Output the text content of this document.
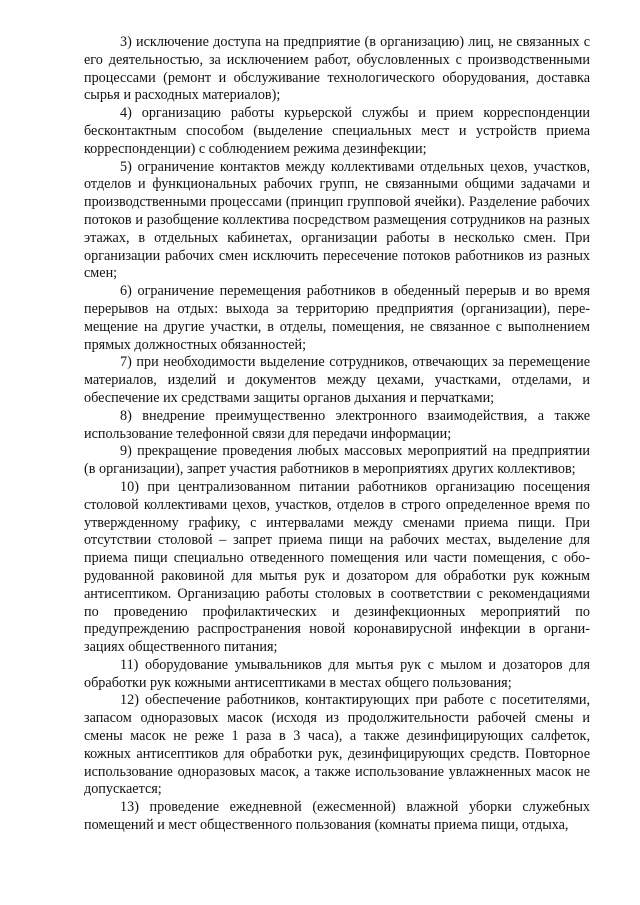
3) исключение доступа на предприятие (в организацию) лиц, не связанных с его деятельностью, за исключением работ, обусловленных с производственными процессами (ремонт и обслуживание технологического оборудования, доставка сырья и расходных материалов);

4) организацию работы курьерской службы и прием корреспонденции бесконтактным способом (выделение специальных мест и устройств приема корреспонденции) с соблюдением режима дезинфекции;

5) ограничение контактов между коллективами отдельных цехов, участков, отделов и функциональных рабочих групп, не связанными общими задачами и производственными процессами (принцип групповой ячейки). Разделение рабочих потоков и разобщение коллектива посредством размещения сотрудников на разных этажах, в отдельных кабинетах, организации работы в несколько смен. При организации рабочих смен исключить пересечение потоков работников из разных смен;

6) ограничение перемещения работников в обеденный перерыв и во время перерывов на отдых: выхода за территорию предприятия (организации), перемещение на другие участки, в отделы, помещения, не связанное с выполнением прямых должностных обязанностей;

7) при необходимости выделение сотрудников, отвечающих за перемещение материалов, изделий и документов между цехами, участками, отделами, и обеспечение их средствами защиты органов дыхания и перчатками;

8) внедрение преимущественно электронного взаимодействия, а также использование телефонной связи для передачи информации;

9) прекращение проведения любых массовых мероприятий на предприятии (в организации), запрет участия работников в мероприятиях других коллективов;

10) при централизованном питании работников организацию посещения столовой коллективами цехов, участков, отделов в строго определенное время по утвержденному графику, с интервалами между сменами приема пищи. При отсутствии столовой – запрет приема пищи на рабочих местах, выделение для приема пищи специально отведенного помещения или части помещения, с оборудованной раковиной для мытья рук и дозатором для обработки рук кожным антисептиком. Организацию работы столовых в соответствии с рекомендациями по проведению профилактических и дезинфекционных мероприятий по предупреждению распространения новой коронавирусной инфекции в организациях общественного питания;

11) оборудование умывальников для мытья рук с мылом и дозаторов для обработки рук кожными антисептиками в местах общего пользования;

12) обеспечение работников, контактирующих при работе с посетителями, запасом одноразовых масок (исходя из продолжительности рабочей смены и смены масок не реже 1 раза в 3 часа), а также дезинфицирующих салфеток, кожных антисептиков для обработки рук, дезинфицирующих средств. Повторное использование одноразовых масок, а также использование увлажненных масок не допускается;

13) проведение ежедневной (ежесменной) влажной уборки служебных помещений и мест общественного пользования (комнаты приема пищи, отдыха,
